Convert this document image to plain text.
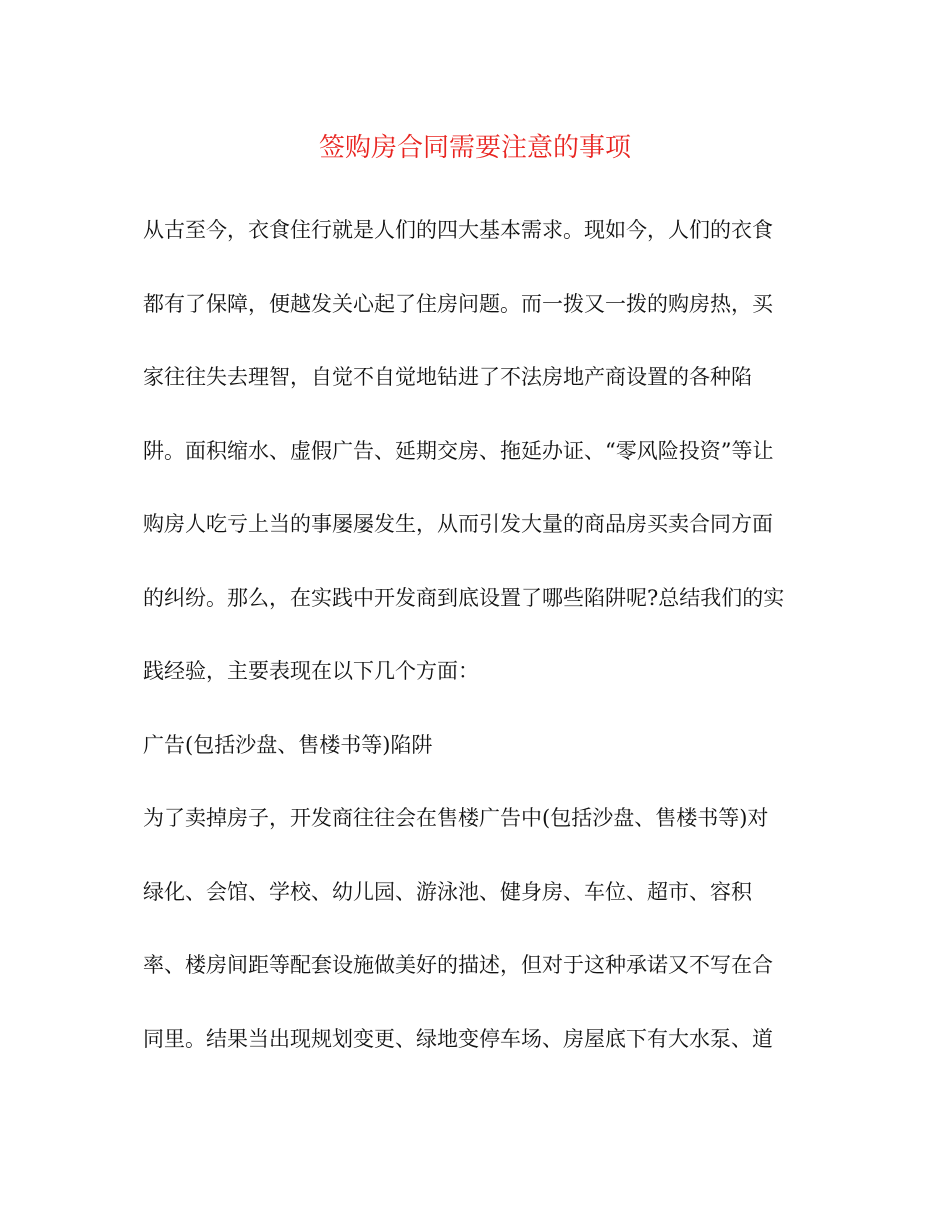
签购房合同需要注意的事项
从古至今，衣食住行就是人们的四大基本需求。现如今，人们的衣食
都有了保障，便越发关心起了住房问题。而一拨又一拨的购房热，买
家往往失去理智，自觉不自觉地钻进了不法房地产商设置的各种陷
阱。面积缩水、虚假广告、延期交房、拖延办证、“零风险投资”等让
购房人吃亏上当的事屡屡发生，从而引发大量的商品房买卖合同方面
的纠纷。那么，在实践中开发商到底设置了哪些陷阱呢?总结我们的实
践经验，主要表现在以下几个方面：
广告(包括沙盘、售楼书等)陷阱
为了卖掉房子，开发商往往会在售楼广告中(包括沙盘、售楼书等)对
绿化、会馆、学校、幼儿园、游泳池、健身房、车位、超市、容积
率、楼房间距等配套设施做美好的描述，但对于这种承诺又不写在合
同里。结果当出现规划变更、绿地变停车场、房屋底下有大水泵、道
